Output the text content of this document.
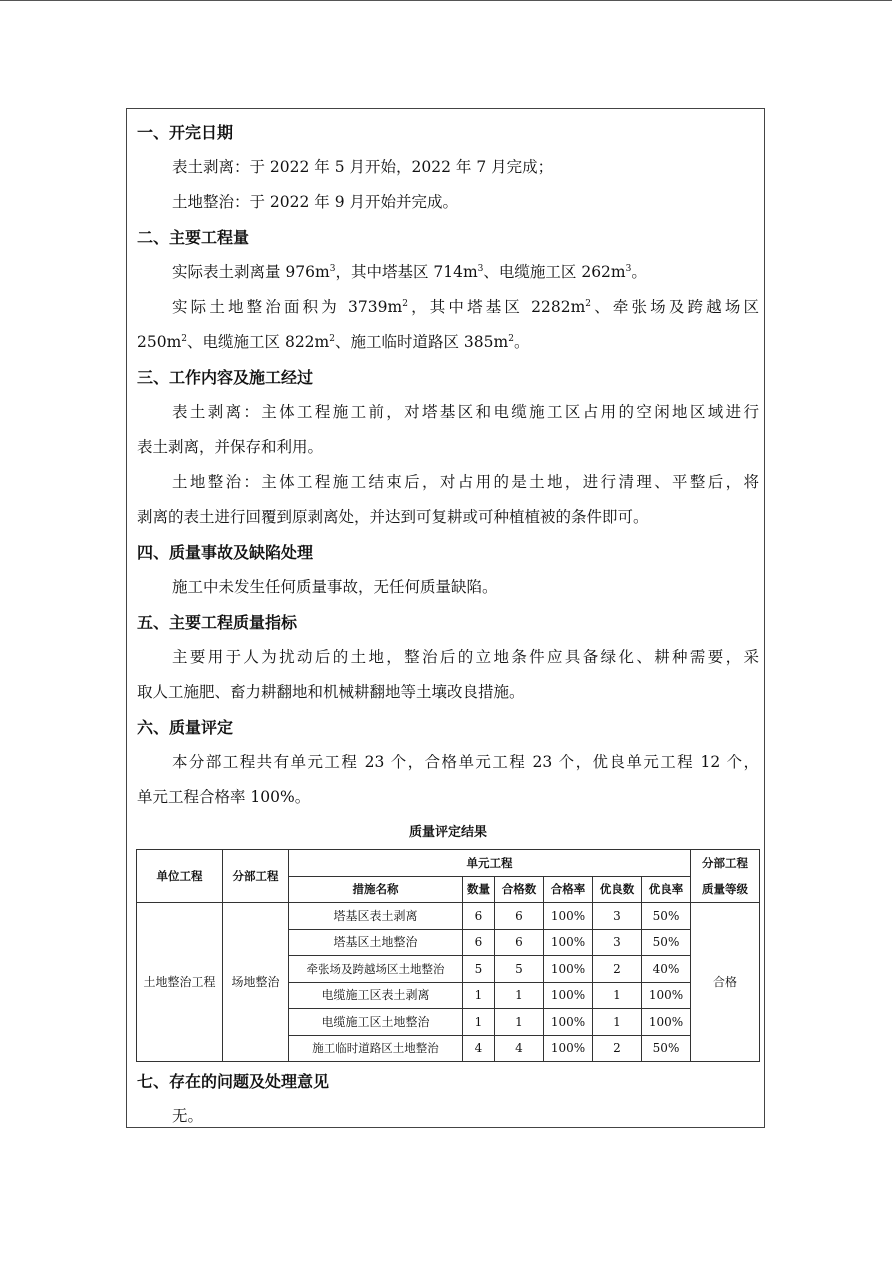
一、开完日期
表土剥离：于 2022 年 5 月开始，2022 年 7 月完成；
土地整治：于 2022 年 9 月开始并完成。
二、主要工程量
实际表土剥离量 $976m^3$，其中塔基区 $714m^3$、电缆施工区 $262m^3$。
实际土地整治面积为 $3739m^2$，其中塔基区 $2282m^2$、牵张场及跨越场区
$250m^2$、电缆施工区 $822m^2$、施工临时道路区 $385m^2$。
三、工作内容及施工经过
表土剥离：主体工程施工前，对塔基区和电缆施工区占用的空闲地区域进行
表土剥离，并保存和利用。
土地整治：主体工程施工结束后，对占用的是土地，进行清理、平整后，将
剥离的表土进行回覆到原剥离处，并达到可复耕或可种植植被的条件即可。
四、质量事故及缺陷处理
施工中未发生任何质量事故，无任何质量缺陷。
五、主要工程质量指标
主要用于人为扰动后的土地，整治后的立地条件应具备绿化、耕种需要，采
取人工施肥、畜力耕翻地和机械耕翻地等土壤改良措施。
六、质量评定
本分部工程共有单元工程 23 个，合格单元工程 23 个，优良单元工程 12 个，
单元工程合格率 100%。
质量评定结果
单位工程	分部工程	单元工程						分部工程
质量等级
		措施名称	数量	合格数	合格率	优良数	优良率	
土地整治工程	场地整治	塔基区表土剥离	6	6	100%	3	50%	合格
		塔基区土地整治	6	6	100%	3	50%	
		牵张场及跨越场区土地整治	5	5	100%	2	40%	
		电缆施工区表土剥离	1	1	100%	1	100%	
		电缆施工区土地整治	1	1	100%	1	100%	
		施工临时道路区土地整治	4	4	100%	2	50%	
七、存在的问题及处理意见
无。
